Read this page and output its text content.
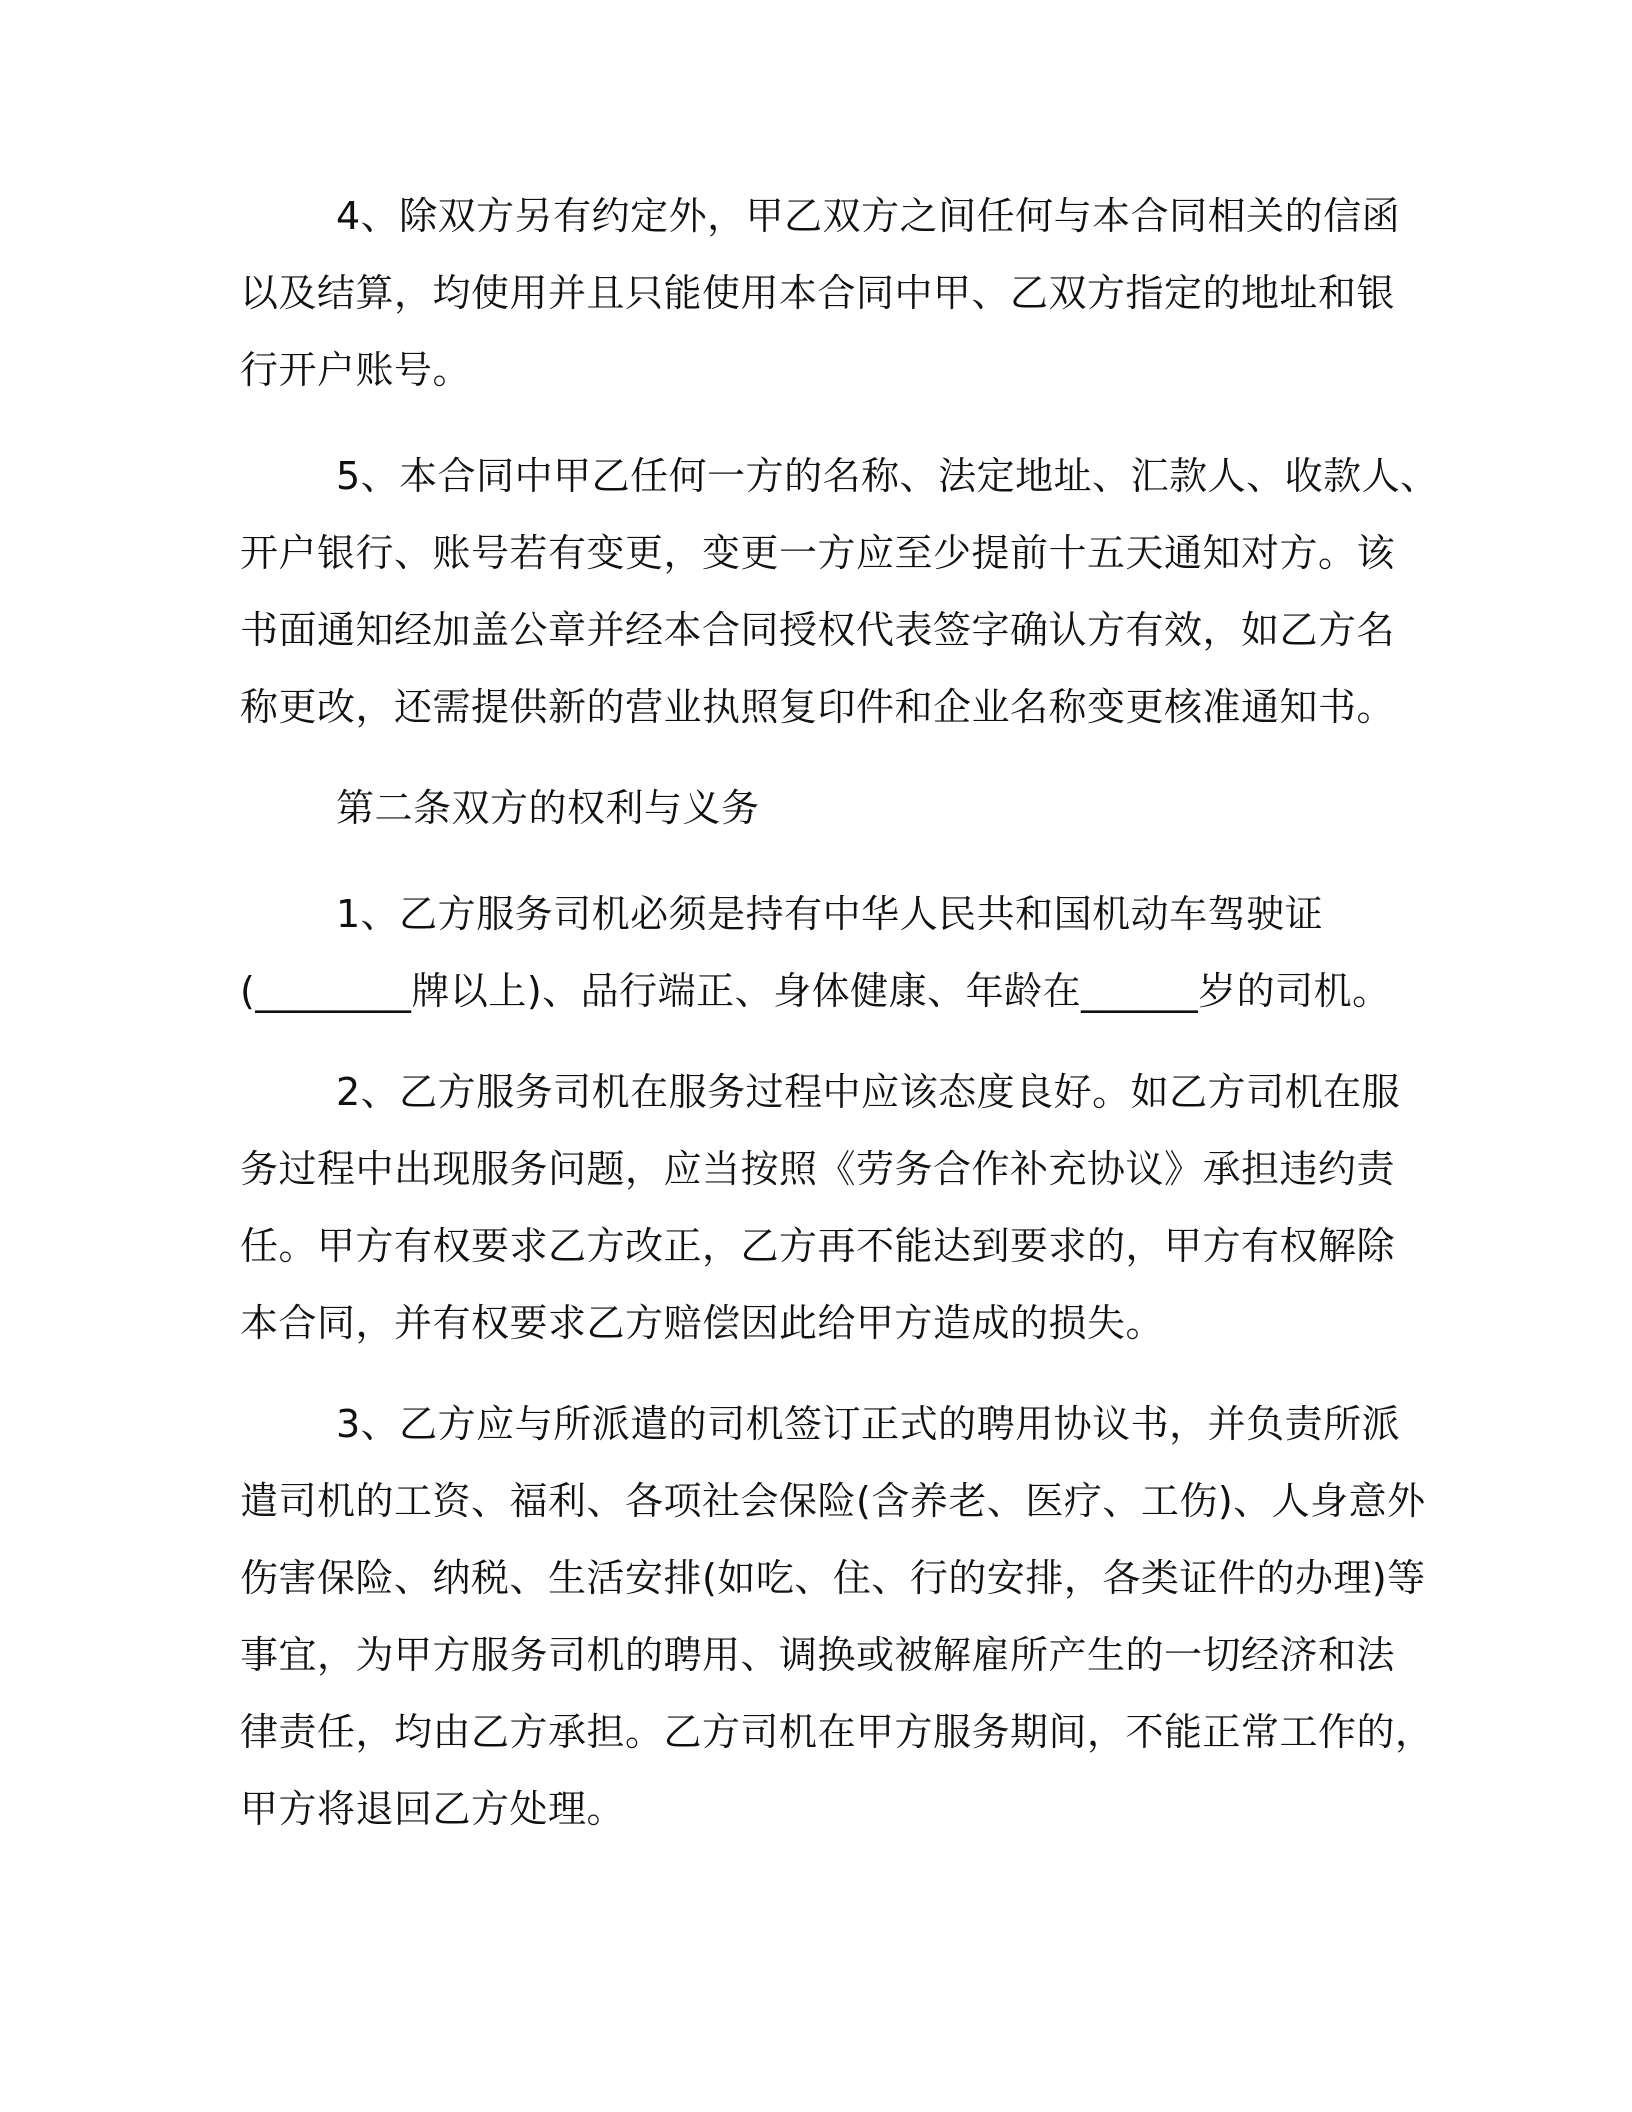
4、除双方另有约定外，甲乙双方之间任何与本合同相关的信函
以及结算，均使用并且只能使用本合同中甲、乙双方指定的地址和银
行开户账号。
5、本合同中甲乙任何一方的名称、法定地址、汇款人、收款人、
开户银行、账号若有变更，变更一方应至少提前十五天通知对方。该
书面通知经加盖公章并经本合同授权代表签字确认方有效，如乙方名
称更改，还需提供新的营业执照复印件和企业名称变更核准通知书。
第二条双方的权利与义务
1、乙方服务司机必须是持有中华人民共和国机动车驾驶证
(________牌以上)、品行端正、身体健康、年龄在______岁的司机。
2、乙方服务司机在服务过程中应该态度良好。如乙方司机在服
务过程中出现服务问题，应当按照《劳务合作补充协议》承担违约责
任。甲方有权要求乙方改正，乙方再不能达到要求的，甲方有权解除
本合同，并有权要求乙方赔偿因此给甲方造成的损失。
3、乙方应与所派遣的司机签订正式的聘用协议书，并负责所派
遣司机的工资、福利、各项社会保险(含养老、医疗、工伤)、人身意外
伤害保险、纳税、生活安排(如吃、住、行的安排，各类证件的办理)等
事宜，为甲方服务司机的聘用、调换或被解雇所产生的一切经济和法
律责任，均由乙方承担。乙方司机在甲方服务期间，不能正常工作的，
甲方将退回乙方处理。
